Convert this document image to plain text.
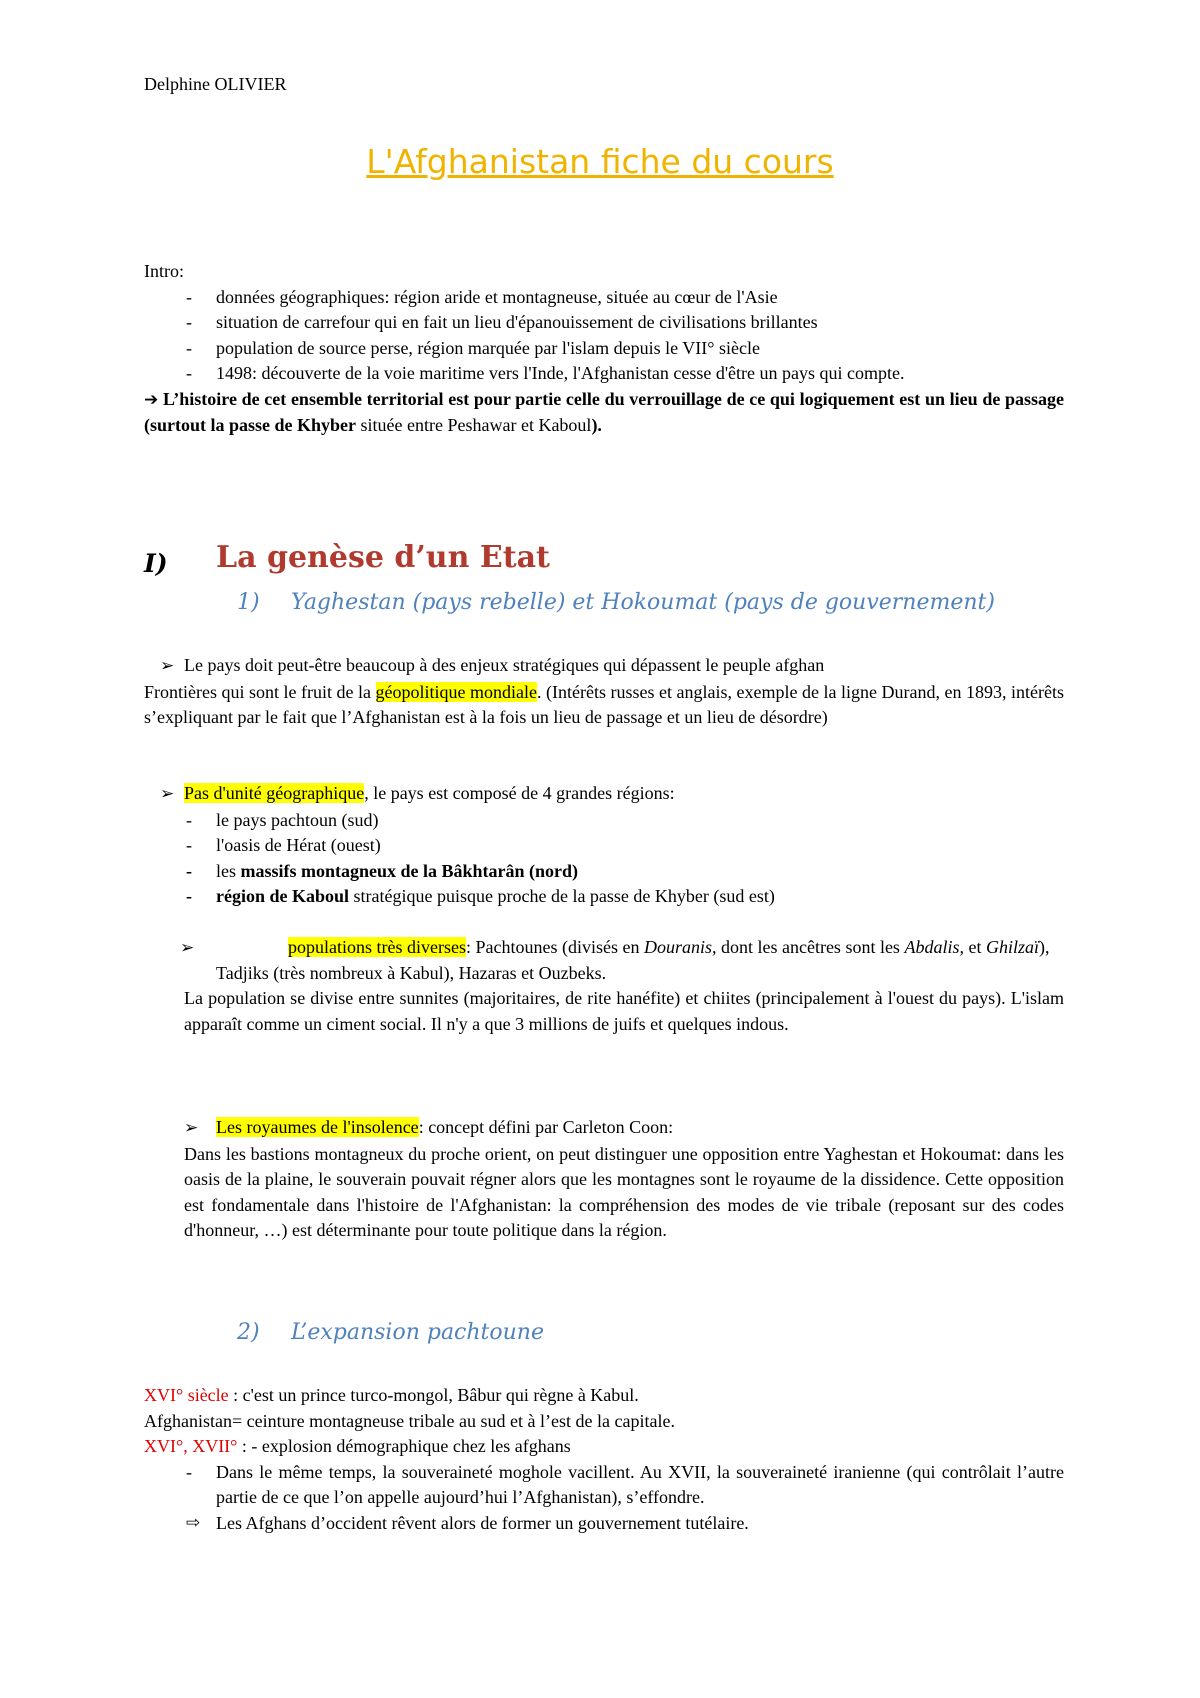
Delphine OLIVIER
L'Afghanistan fiche du cours
Intro:
- données géographiques: région aride et montagneuse, située au cœur de l'Asie
- situation de carrefour qui en fait un lieu d'épanouissement de civilisations brillantes
- population de source perse, région marquée par l'islam depuis le VII° siècle
- 1498: découverte de la voie maritime vers l'Inde, l'Afghanistan cesse d'être un pays qui compte.
➔ L’histoire de cet ensemble territorial est pour partie celle du verrouillage de ce qui logiquement est un lieu de passage (surtout la passe de Khyber située entre Peshawar et Kaboul).
I) La genèse d’un Etat
1) Yaghestan (pays rebelle) et Hokoumat (pays de gouvernement)
➢ Le pays doit peut-être beaucoup à des enjeux stratégiques qui dépassent le peuple afghan
Frontières qui sont le fruit de la géopolitique mondiale. (Intérêts russes et anglais, exemple de la ligne Durand, en 1893, intérêts s’expliquant par le fait que l’Afghanistan est à la fois un lieu de passage et un lieu de désordre)
➢ Pas d'unité géographique, le pays est composé de 4 grandes régions:
- le pays pachtoun (sud)
- l'oasis de Hérat (ouest)
- les massifs montagneux de la Bâkhtarân (nord)
- région de Kaboul stratégique puisque proche de la passe de Khyber (sud est)
➢	populations très diverses: Pachtounes (divisés en Douranis, dont les ancêtres sont les Abdalis, et Ghilzaï),
Tadjiks (très nombreux à Kabul), Hazaras et Ouzbeks.
La population se divise entre sunnites (majoritaires, de rite hanéfite) et chiites (principalement à l'ouest du pays). L'islam apparaît comme un ciment social. Il n'y a que 3 millions de juifs et quelques indous.
➢ Les royaumes de l'insolence: concept défini par Carleton Coon:
Dans les bastions montagneux du proche orient, on peut distinguer une opposition entre Yaghestan et Hokoumat: dans les oasis de la plaine, le souverain pouvait régner alors que les montagnes sont le royaume de la dissidence. Cette opposition est fondamentale dans l'histoire de l'Afghanistan: la compréhension des modes de vie tribale (reposant sur des codes d'honneur, …) est déterminante pour toute politique dans la région.
2) L’expansion pachtoune
XVI° siècle : c'est un prince turco-mongol, Bâbur qui règne à Kabul.
Afghanistan= ceinture montagneuse tribale au sud et à l’est de la capitale.
XVI°, XVII° : - explosion démographique chez les afghans
- Dans le même temps, la souveraineté moghole vacillent. Au XVII, la souveraineté iranienne (qui contrôlait l’autre partie de ce que l’on appelle aujourd’hui l’Afghanistan), s’effondre.
⇨ Les Afghans d’occident rêvent alors de former un gouvernement tutélaire.
